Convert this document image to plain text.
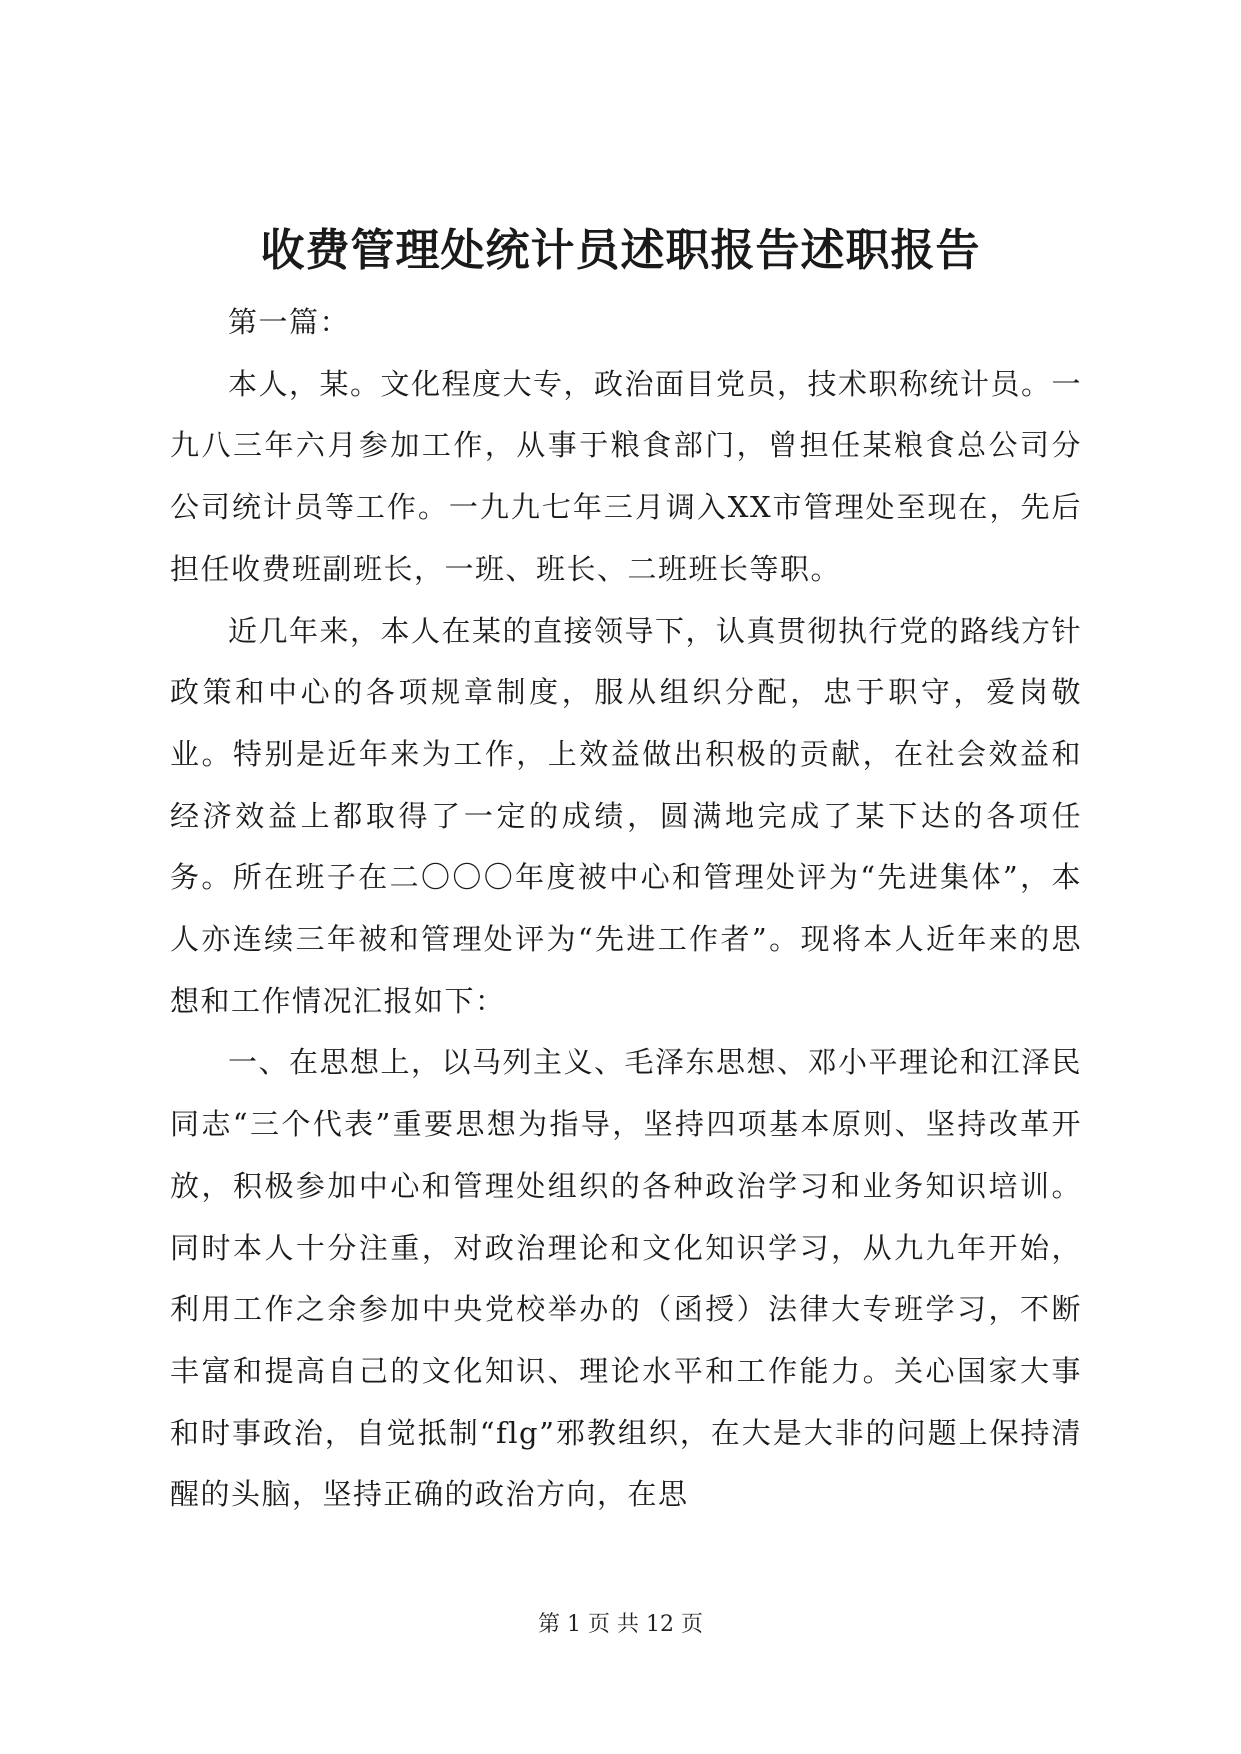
收费管理处统计员述职报告述职报告

第一篇：

本人，某。文化程度大专，政治面目党员，技术职称统计员。一九八三年六月参加工作，从事于粮食部门，曾担任某粮食总公司分公司统计员等工作。一九九七年三月调入XX市管理处至现在，先后担任收费班副班长，一班、班长、二班班长等职。

近几年来，本人在某的直接领导下，认真贯彻执行党的路线方针政策和中心的各项规章制度，服从组织分配，忠于职守，爱岗敬业。特别是近年来为工作，上效益做出积极的贡献，在社会效益和经济效益上都取得了一定的成绩，圆满地完成了某下达的各项任务。所在班子在二〇〇〇年度被中心和管理处评为“先进集体”，本人亦连续三年被和管理处评为“先进工作者”。现将本人近年来的思想和工作情况汇报如下：

一、在思想上，以马列主义、毛泽东思想、邓小平理论和江泽民同志“三个代表”重要思想为指导，坚持四项基本原则、坚持改革开放，积极参加中心和管理处组织的各种政治学习和业务知识培训。同时本人十分注重，对政治理论和文化知识学习，从九九年开始，利用工作之余参加中央党校举办的（函授）法律大专班学习，不断丰富和提高自己的文化知识、理论水平和工作能力。关心国家大事和时事政治，自觉抵制“flg”邪教组织，在大是大非的问题上保持清醒的头脑，坚持正确的政治方向，在思

第 1 页 共 12 页
